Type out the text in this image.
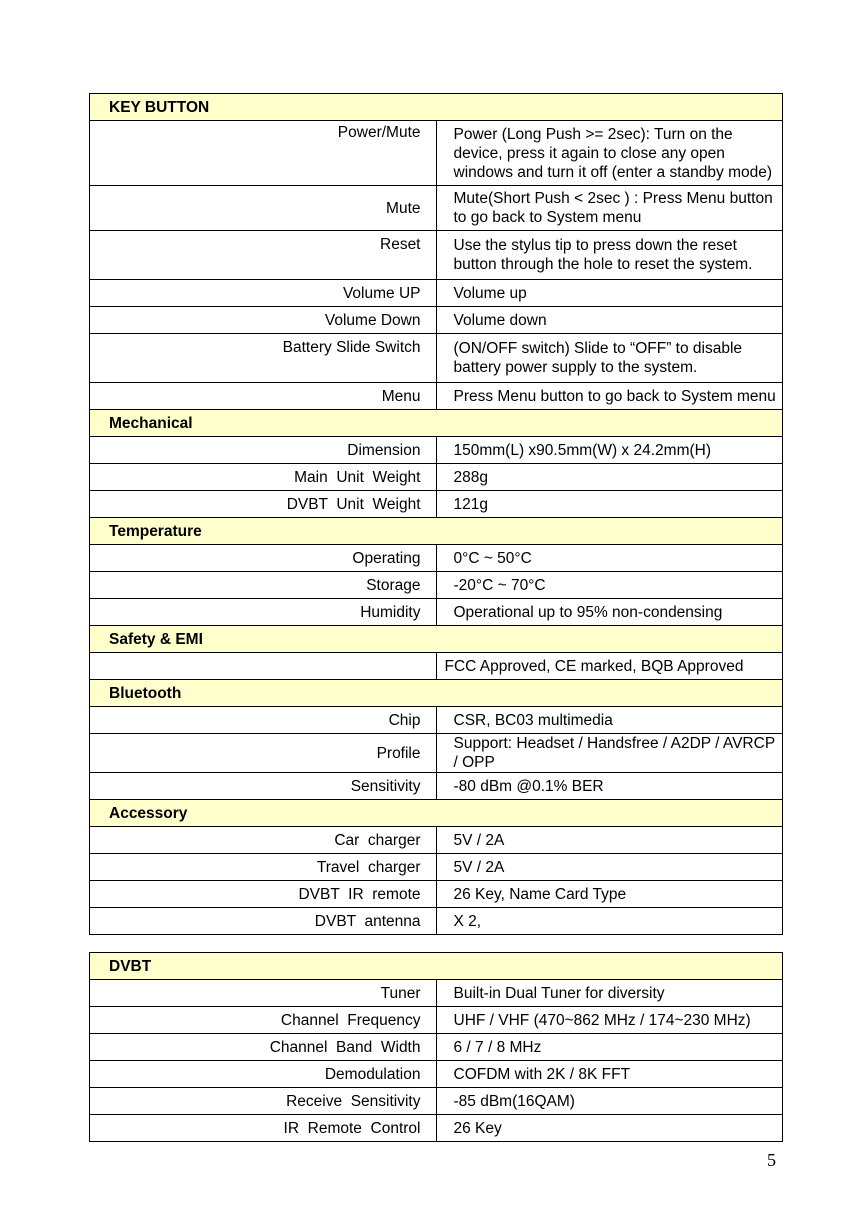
KEY BUTTON	
Power/Mute	Power (Long Push >= 2sec): Turn on the device, press it again to close any open windows and turn it off (enter a standby mode)
Mute	Mute(Short Push < 2sec ) : Press Menu button to go back to System menu
Reset	Use the stylus tip to press down the reset button through the hole to reset the system.
Volume UP	Volume up
Volume Down	Volume down
Battery Slide Switch	(ON/OFF switch) Slide to “OFF” to disable battery power supply to the system.
Menu	Press Menu button to go back to System menu
Mechanical	
Dimension	150mm(L) x90.5mm(W) x 24.2mm(H)
Main  Unit  Weight	288g
DVBT  Unit  Weight	121g
Temperature	
Operating	0°C ~ 50°C
Storage	-20°C ~ 70°C
Humidity	Operational up to 95% non-condensing
Safety & EMI	
	FCC Approved, CE marked, BQB Approved
Bluetooth	
Chip	CSR, BC03 multimedia
Profile	Support: Headset / Handsfree / A2DP / AVRCP / OPP
Sensitivity	-80 dBm @0.1% BER
Accessory	
Car  charger	5V / 2A
Travel  charger	5V / 2A
DVBT  IR  remote	26 Key, Name Card Type
DVBT  antenna	X 2,
DVBT	
Tuner	Built-in Dual Tuner for diversity
Channel  Frequency	UHF / VHF (470~862 MHz / 174~230 MHz)
Channel  Band  Width	6 / 7 / 8 MHz
Demodulation	COFDM with 2K / 8K FFT
Receive  Sensitivity	-85 dBm(16QAM)
IR  Remote  Control	26 Key
5
